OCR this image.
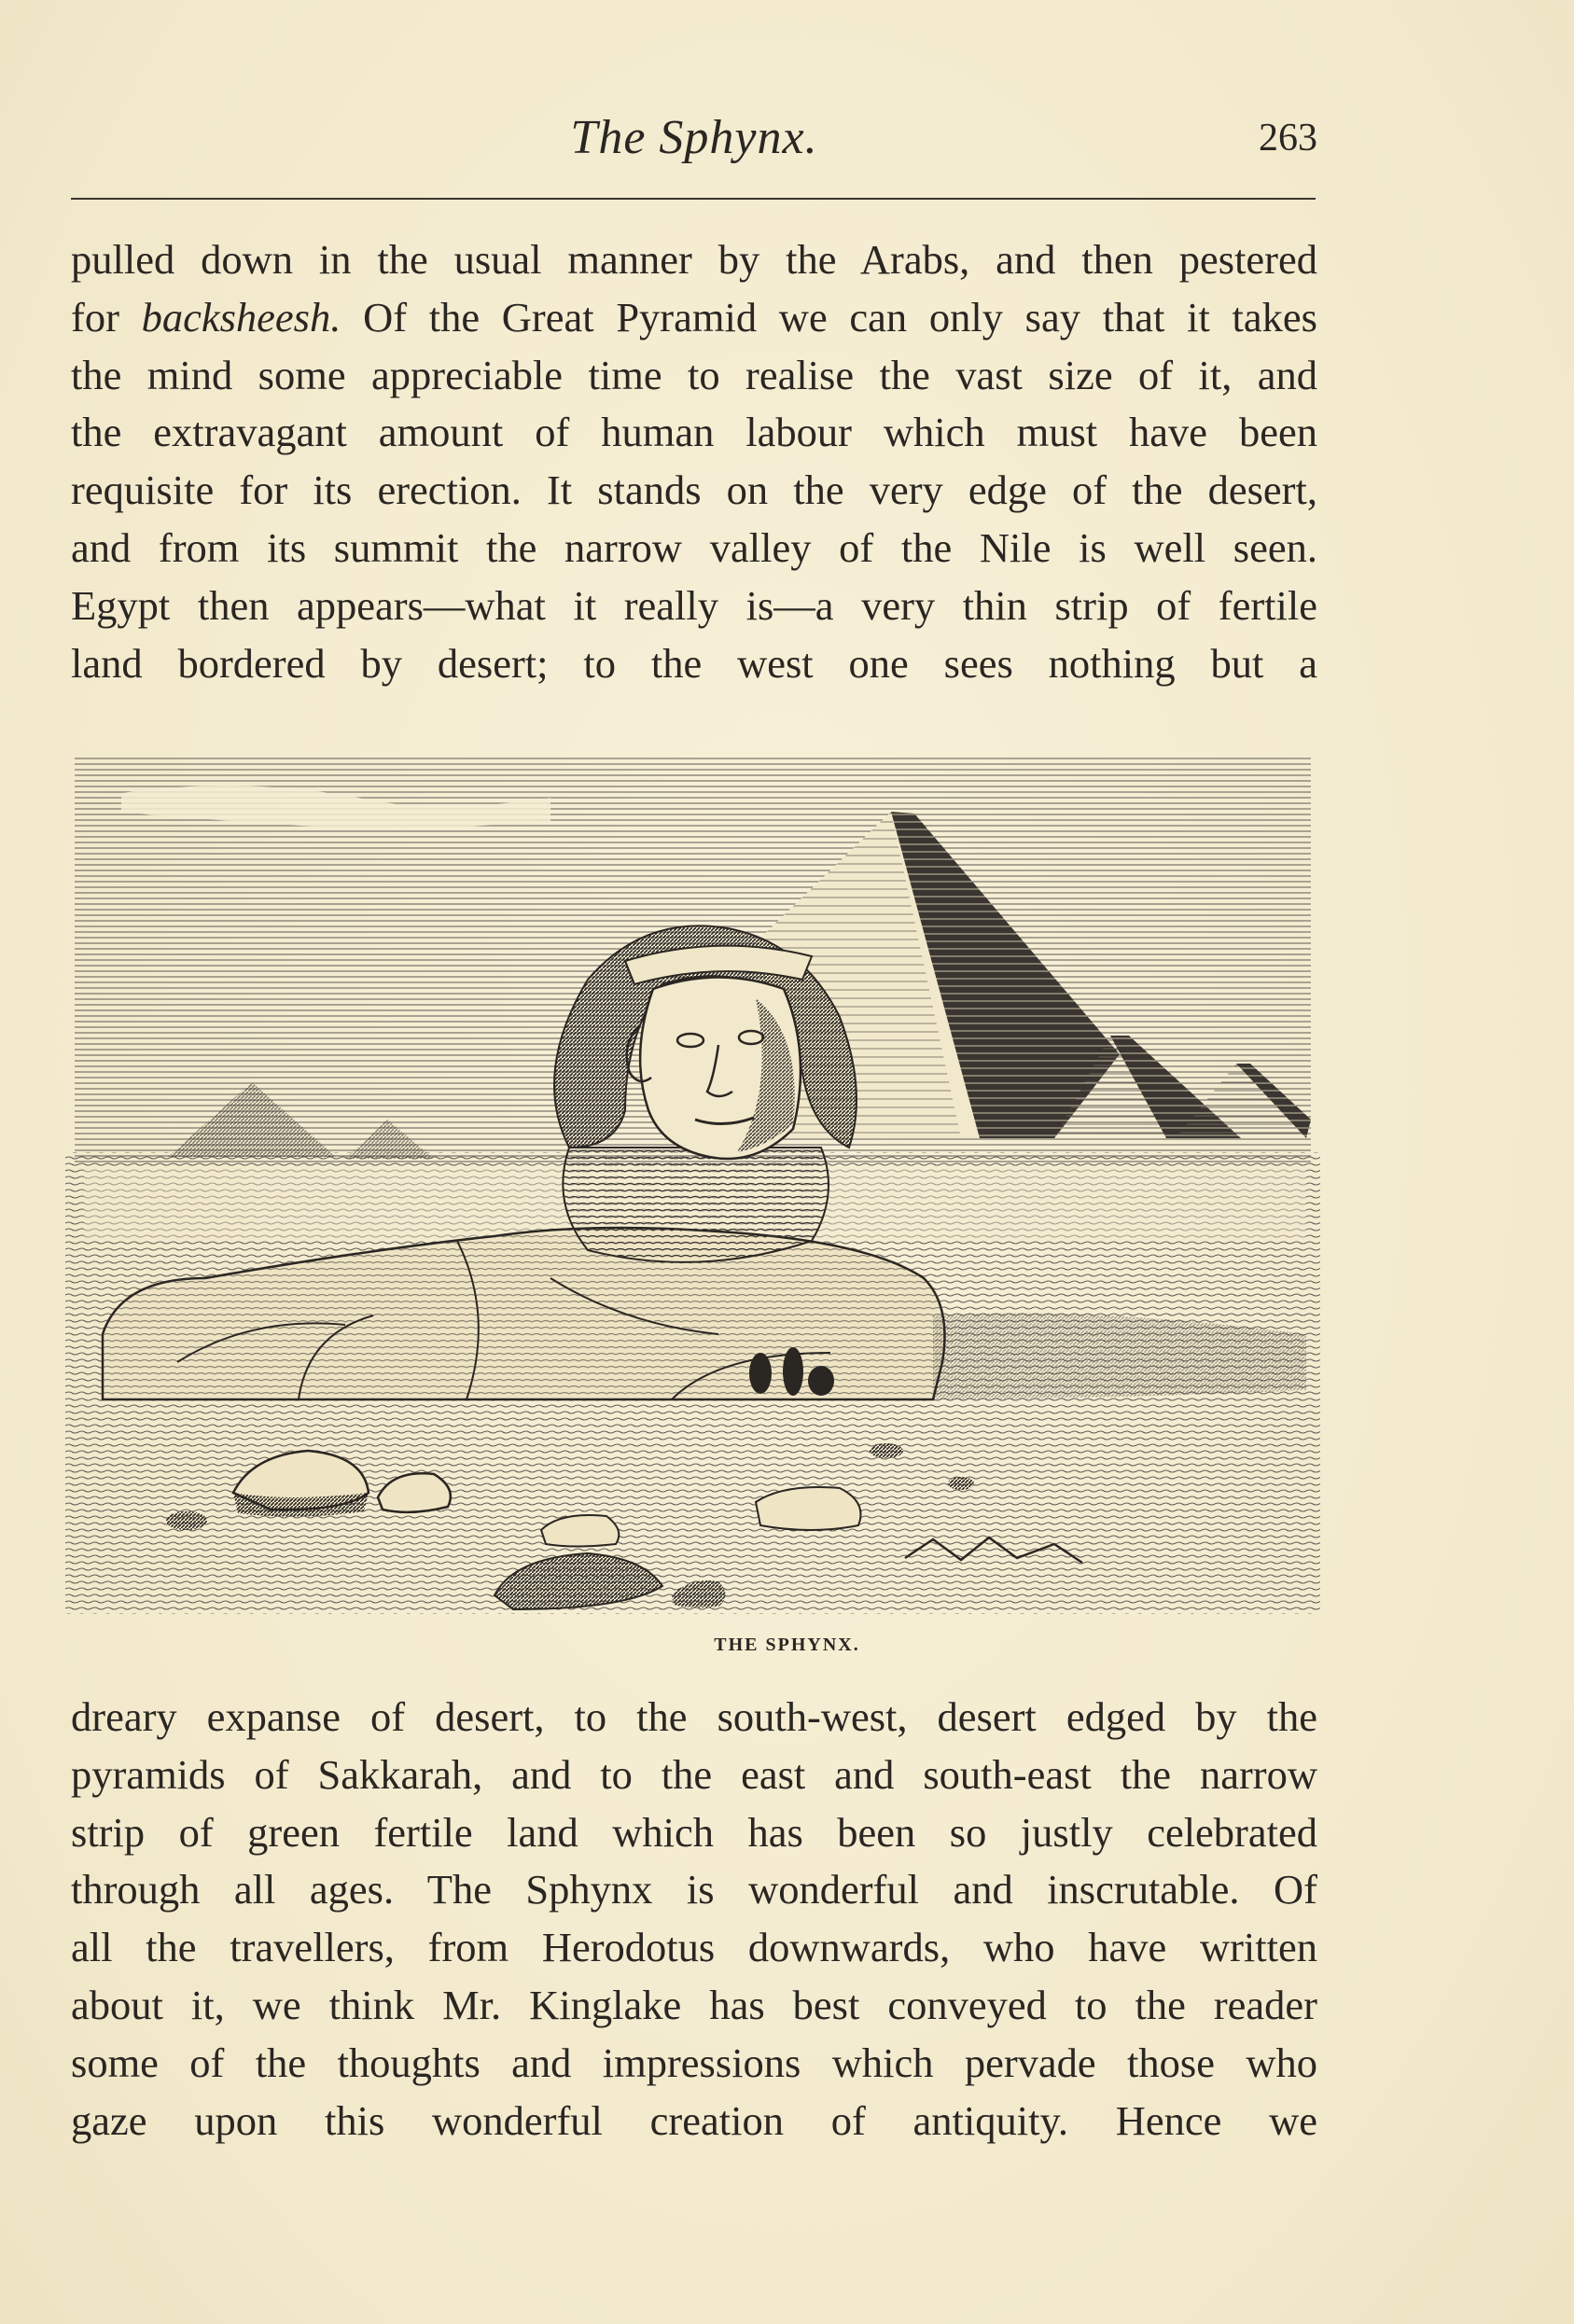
The Sphynx.	263
pulled down in the usual manner by the Arabs, and then pestered
for backsheesh. Of the Great Pyramid we can only say that it takes
the mind some appreciable time to realise the vast size of it, and
the extravagant amount of human labour which must have been
requisite for its erection. It stands on the very edge of the desert,
and from its summit the narrow valley of the Nile is well seen.
Egypt then appears—what it really is—a very thin strip of fertile
land bordered by desert; to the west one sees nothing but a
THE SPHYNX.
dreary expanse of desert, to the south-west, desert edged by the
pyramids of Sakkarah, and to the east and south-east the narrow
strip of green fertile land which has been so justly celebrated
through all ages. The Sphynx is wonderful and inscrutable. Of
all the travellers, from Herodotus downwards, who have written
about it, we think Mr. Kinglake has best conveyed to the reader
some of the thoughts and impressions which pervade those who
gaze upon this wonderful creation of antiquity. Hence we
